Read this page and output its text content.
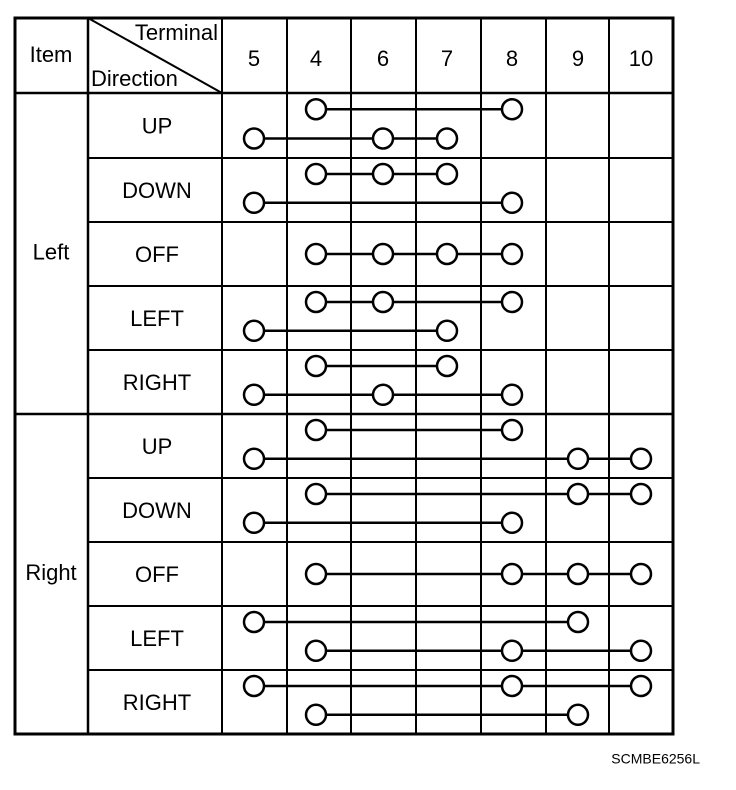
Item
Terminal
Direction
5 4 6 7 8 9 10
Left
UP
DOWN
OFF
LEFT
RIGHT
Right
UP
DOWN
OFF
LEFT
RIGHT
SCMBE6256L
